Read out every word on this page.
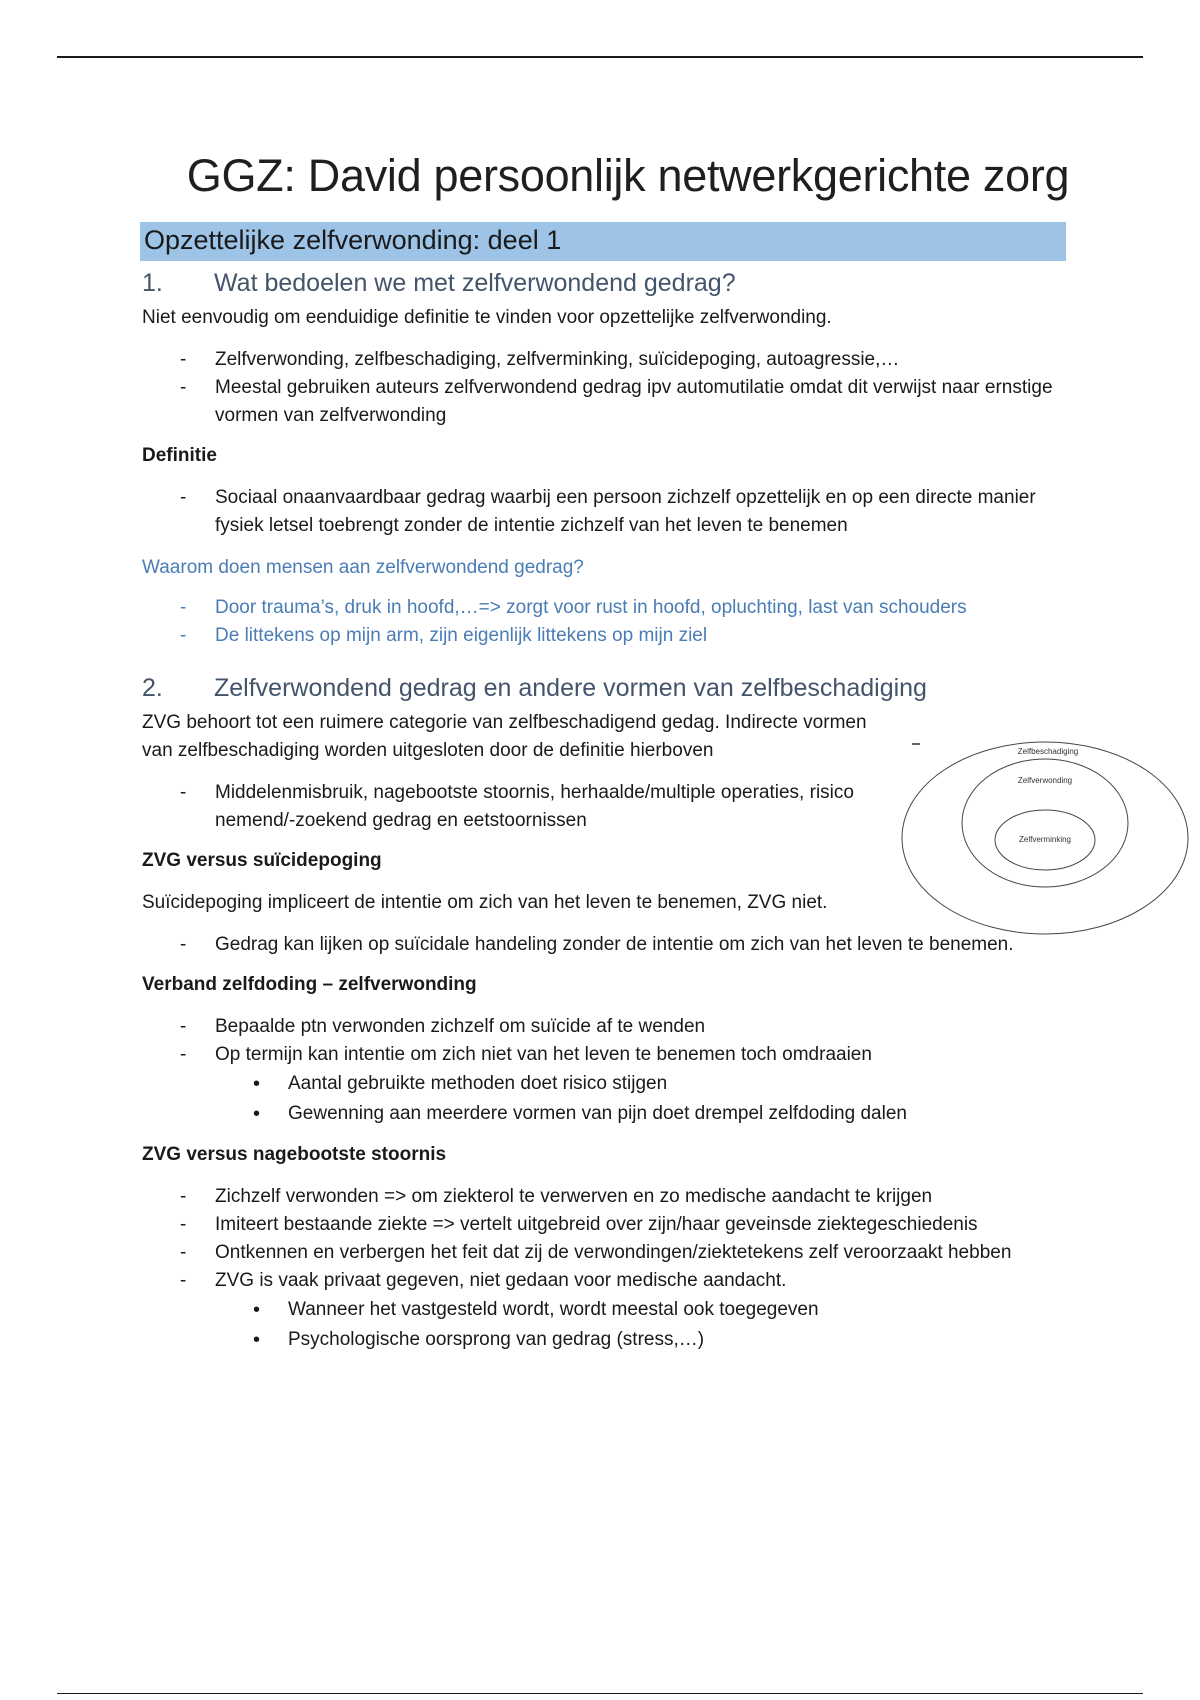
GGZ: David persoonlijk netwerkgerichte zorg
Opzettelijke zelfverwonding: deel 1
1.	Wat bedoelen we met zelfverwondend gedrag?

Niet eenvoudig om eenduidige definitie te vinden voor opzettelijke zelfverwonding.

- Zelfverwonding, zelfbeschadiging, zelfverminking, suïcidepoging, autoagressie,…
- Meestal gebruiken auteurs zelfverwondend gedrag ipv automutilatie omdat dit verwijst naar ernstige vormen van zelfverwonding

Definitie

- Sociaal onaanvaardbaar gedrag waarbij een persoon zichzelf opzettelijk en op een directe manier fysiek letsel toebrengt zonder de intentie zichzelf van het leven te benemen

Waarom doen mensen aan zelfverwondend gedrag?

- Door trauma’s, druk in hoofd,…=> zorgt voor rust in hoofd, opluchting, last van schouders
- De littekens op mijn arm, zijn eigenlijk littekens op mijn ziel
2.	Zelfverwondend gedrag en andere vormen van zelfbeschadiging

ZVG behoort tot een ruimere categorie van zelfbeschadigend gedag. Indirecte vormen van zelfbeschadiging worden uitgesloten door de definitie hierboven

- Middelenmisbruik, nagebootste stoornis, herhaalde/multiple operaties, risico nemend/-zoekend gedrag en eetstoornissen

ZVG versus suïcidepoging

Suïcidepoging impliceert de intentie om zich van het leven te benemen, ZVG niet.

- Gedrag kan lijken op suïcidale handeling zonder de intentie om zich van het leven te benemen.

Verband zelfdoding – zelfverwonding

- Bepaalde ptn verwonden zichzelf om suïcide af te wenden
- Op termijn kan intentie om zich niet van het leven te benemen toch omdraaien
• Aantal gebruikte methoden doet risico stijgen
• Gewenning aan meerdere vormen van pijn doet drempel zelfdoding dalen

ZVG versus nagebootste stoornis

- Zichzelf verwonden => om ziekterol te verwerven en zo medische aandacht te krijgen
- Imiteert bestaande ziekte => vertelt uitgebreid over zijn/haar geveinsde ziektegeschiedenis
- Ontkennen en verbergen het feit dat zij de verwondingen/ziektetekens zelf veroorzaakt hebben
- ZVG is vaak privaat gegeven, niet gedaan voor medische aandacht.
• Wanneer het vastgesteld wordt, wordt meestal ook toegegeven
• Psychologische oorsprong van gedrag (stress,…)
Zelfbeschadiging
Zelfverwonding
Zelfverminking
